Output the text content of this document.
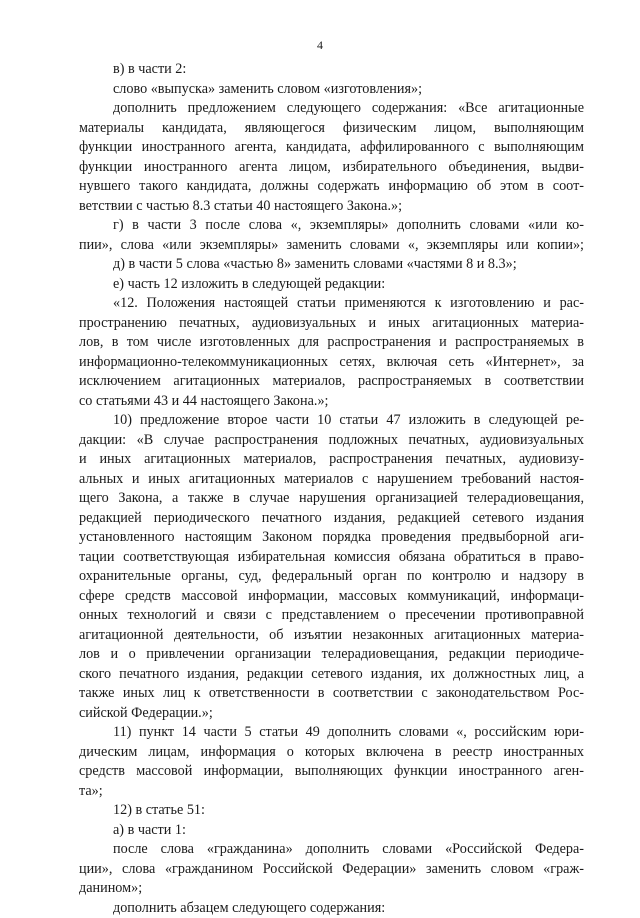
4
в) в части 2:
слово «выпуска» заменить словом «изготовления»;
дополнить предложением следующего содержания: «Все агитационные
материалы кандидата, являющегося физическим лицом, выполняющим
функции иностранного агента, кандидата, аффилированного с выполняющим
функции иностранного агента лицом, избирательного объединения, выдви-
нувшего такого кандидата, должны содержать информацию об этом в соот-
ветствии с частью 8.3 статьи 40 настоящего Закона.»;
г) в части 3 после слова «, экземпляры» дополнить словами «или ко-
пии», слова «или экземпляры» заменить словами «, экземпляры или копии»;
д) в части 5 слова «частью 8» заменить словами «частями 8 и 8.3»;
е) часть 12 изложить в следующей редакции:
«12. Положения настоящей статьи применяются к изготовлению и рас-
пространению печатных, аудиовизуальных и иных агитационных материа-
лов, в том числе изготовленных для распространения и распространяемых в
информационно-телекоммуникационных сетях, включая сеть «Интернет», за
исключением агитационных материалов, распространяемых в соответствии
со статьями 43 и 44 настоящего Закона.»;
10) предложение второе части 10 статьи 47 изложить в следующей ре-
дакции: «В случае распространения подложных печатных, аудиовизуальных
и иных агитационных материалов, распространения печатных, аудиовизу-
альных и иных агитационных материалов с нарушением требований настоя-
щего Закона, а также в случае нарушения организацией телерадиовещания,
редакцией периодического печатного издания, редакцией сетевого издания
установленного настоящим Законом порядка проведения предвыборной аги-
тации соответствующая избирательная комиссия обязана обратиться в право-
охранительные органы, суд, федеральный орган по контролю и надзору в
сфере средств массовой информации, массовых коммуникаций, информаци-
онных технологий и связи с представлением о пресечении противоправной
агитационной деятельности, об изъятии незаконных агитационных материа-
лов и о привлечении организации телерадиовещания, редакции периодиче-
ского печатного издания, редакции сетевого издания, их должностных лиц, а
также иных лиц к ответственности в соответствии с законодательством Рос-
сийской Федерации.»;
11) пункт 14 части 5 статьи 49 дополнить словами «, российским юри-
дическим лицам, информация о которых включена в реестр иностранных
средств массовой информации, выполняющих функции иностранного аген-
та»;
12) в статье 51:
а) в части 1:
после слова «гражданина» дополнить словами «Российской Федера-
ции», слова «гражданином Российской Федерации» заменить словом «граж-
данином»;
дополнить абзацем следующего содержания:
